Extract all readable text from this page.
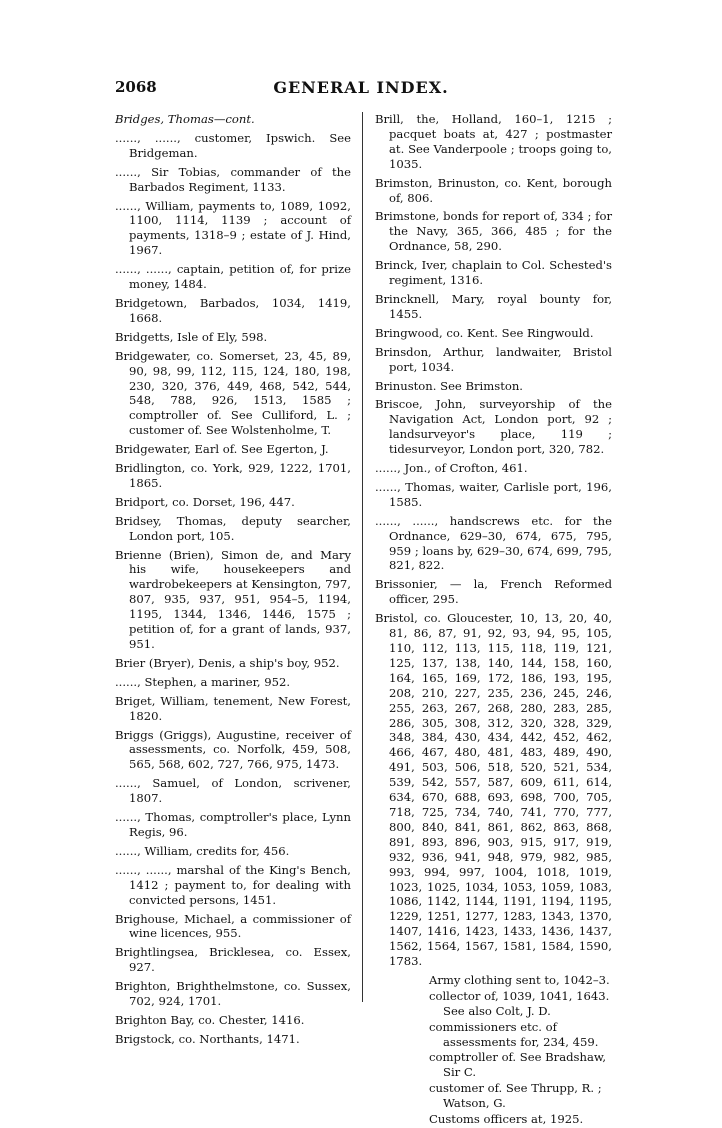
2068	GENERAL INDEX.

Bridges, Thomas—cont.

......, ......, customer, Ipswich. See Bridgeman.

......, Sir Tobias, commander of the Barbados Regiment, 1133.

......, William, payments to, 1089, 1092, 1100, 1114, 1139 ; account of payments, 1318–9 ; estate of J. Hind, 1967.

......, ......, captain, petition of, for prize money, 1484.

Bridgetown, Barbados, 1034, 1419, 1668.

Bridgetts, Isle of Ely, 598.

Bridgewater, co. Somerset, 23, 45, 89, 90, 98, 99, 112, 115, 124, 180, 198, 230, 320, 376, 449, 468, 542, 544, 548, 788, 926, 1513, 1585 ; comptroller of. See Culliford, L. ; customer of. See Wolstenholme, T.

Bridgewater, Earl of. See Egerton, J.

Bridlington, co. York, 929, 1222, 1701, 1865.

Bridport, co. Dorset, 196, 447.

Bridsey, Thomas, deputy searcher, London port, 105.

Brienne (Brien), Simon de, and Mary his wife, housekeepers and wardrobekeepers at Kensington, 797, 807, 935, 937, 951, 954–5, 1194, 1195, 1344, 1346, 1446, 1575 ; petition of, for a grant of lands, 937, 951.

Brier (Bryer), Denis, a ship's boy, 952.

......, Stephen, a mariner, 952.

Briget, William, tenement, New Forest, 1820.

Briggs (Griggs), Augustine, receiver of assessments, co. Norfolk, 459, 508, 565, 568, 602, 727, 766, 975, 1473.

......, Samuel, of London, scrivener, 1807.

......, Thomas, comptroller's place, Lynn Regis, 96.

......, William, credits for, 456.

......, ......, marshal of the King's Bench, 1412 ; payment to, for dealing with convicted persons, 1451.

Brighouse, Michael, a commissioner of wine licences, 955.

Brightlingsea, Bricklesea, co. Essex, 927.

Brighton, Brighthelmstone, co. Sussex, 702, 924, 1701.

Brighton Bay, co. Chester, 1416.

Brigstock, co. Northants, 1471.

Brill, the, Holland, 160–1, 1215 ; pacquet boats at, 427 ; postmaster at. See Vanderpoole ; troops going to, 1035.

Brimston, Brinuston, co. Kent, borough of, 806.

Brimstone, bonds for report of, 334 ; for the Navy, 365, 366, 485 ; for the Ordnance, 58, 290.

Brinck, Iver, chaplain to Col. Schested's regiment, 1316.

Brincknell, Mary, royal bounty for, 1455.

Bringwood, co. Kent. See Ringwould.

Brinsdon, Arthur, landwaiter, Bristol port, 1034.

Brinuston. See Brimston.

Briscoe, John, surveyorship of the Navigation Act, London port, 92 ; landsurveyor's place, 119 ; tidesurveyor, London port, 320, 782.

......, Jon., of Crofton, 461.

......, Thomas, waiter, Carlisle port, 196, 1585.

......, ......, handscrews etc. for the Ordnance, 629–30, 674, 675, 795, 959 ; loans by, 629–30, 674, 699, 795, 821, 822.

Brissonier, — la, French Reformed officer, 295.

Bristol, co. Gloucester, 10, 13, 20, 40, 81, 86, 87, 91, 92, 93, 94, 95, 105, 110, 112, 113, 115, 118, 119, 121, 125, 137, 138, 140, 144, 158, 160, 164, 165, 169, 172, 186, 193, 195, 208, 210, 227, 235, 236, 245, 246, 255, 263, 267, 268, 280, 283, 285, 286, 305, 308, 312, 320, 328, 329, 348, 384, 430, 434, 442, 452, 462, 466, 467, 480, 481, 483, 489, 490, 491, 503, 506, 518, 520, 521, 534, 539, 542, 557, 587, 609, 611, 614, 634, 670, 688, 693, 698, 700, 705, 718, 725, 734, 740, 741, 770, 777, 800, 840, 841, 861, 862, 863, 868, 891, 893, 896, 903, 915, 917, 919, 932, 936, 941, 948, 979, 982, 985, 993, 994, 997, 1004, 1018, 1019, 1023, 1025, 1034, 1053, 1059, 1083, 1086, 1142, 1144, 1191, 1194, 1195, 1229, 1251, 1277, 1283, 1343, 1370, 1407, 1416, 1423, 1433, 1436, 1437, 1562, 1564, 1567, 1581, 1584, 1590, 1783.

Army clothing sent to, 1042–3.

collector of, 1039, 1041, 1643. See also Colt, J. D.

commissioners etc. of assessments for, 234, 459.

comptroller of. See Bradshaw, Sir C.

customer of. See Thrupp, R. ; Watson, G.

Customs officers at, 1925.
